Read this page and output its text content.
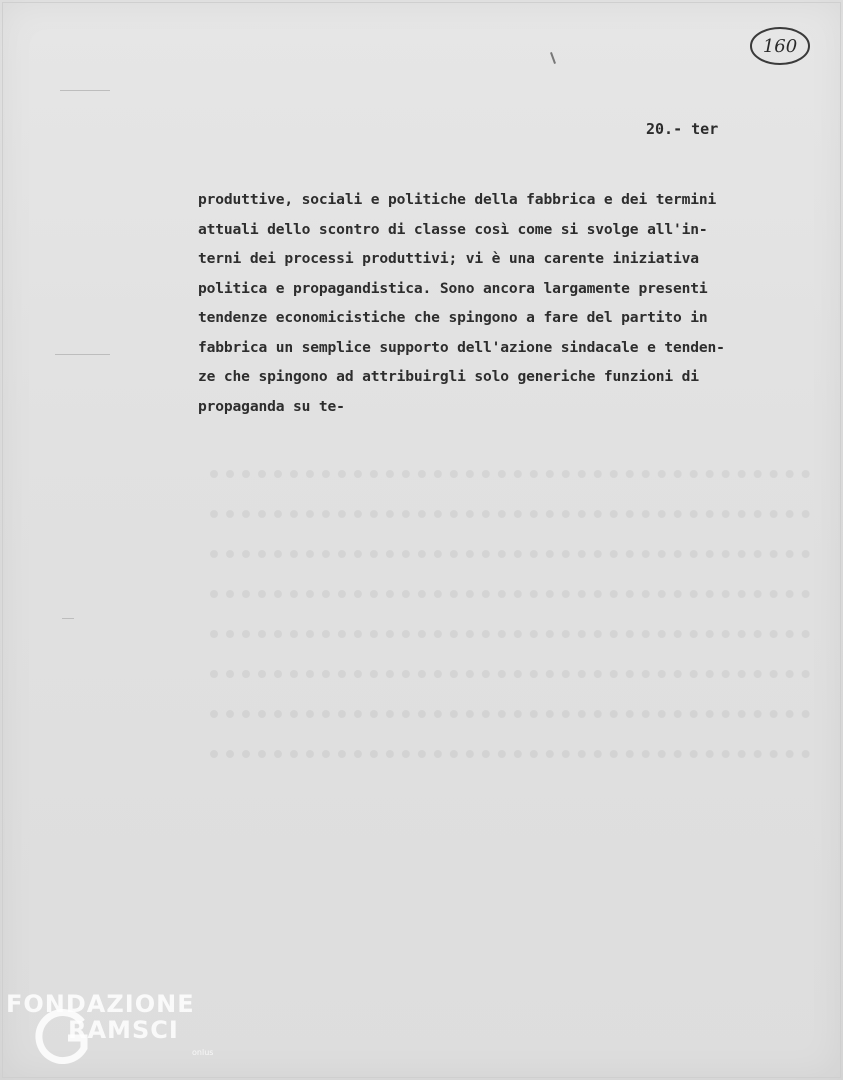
160
20.- ter
produttive, sociali e politiche della fabbrica e dei termini
attuali dello scontro di classe così come si svolge all'in-
terni dei processi produttivi; vi è una carente iniziativa
politica e propagandistica. Sono ancora largamente presenti
tendenze economicistiche che spingono a fare del partito in
fabbrica un semplice supporto dell'azione sindacale e tenden-
ze che spingono ad attribuirgli solo generiche funzioni di
propaganda su te-
FONDAZIONE
RAMSCI
onlus
